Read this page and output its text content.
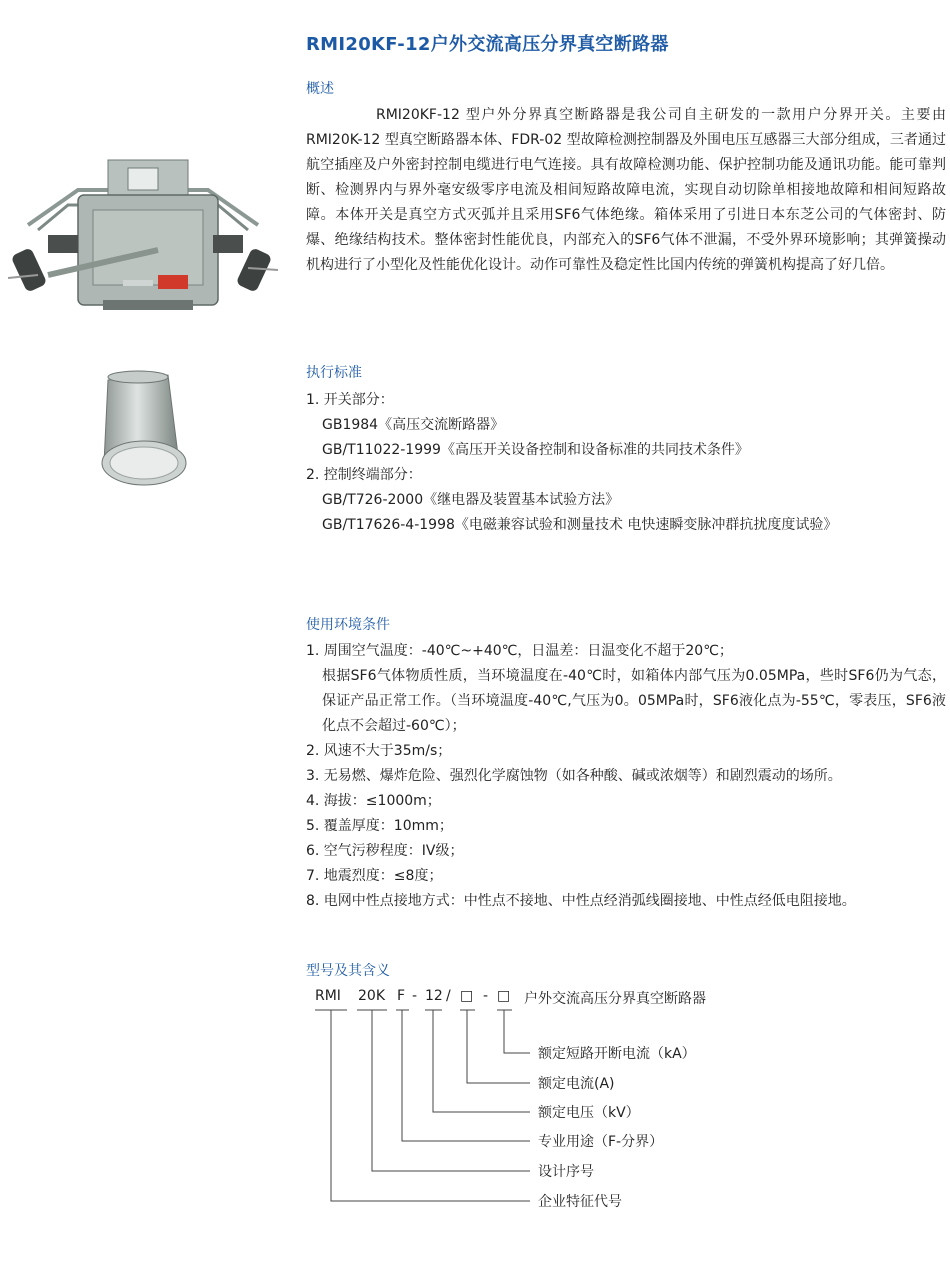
RMI20KF-12户外交流高压分界真空断路器
概述
RMI20KF-12 型户外分界真空断路器是我公司自主研发的一款用户分界开关。主要由RMI20K-12 型真空断路器本体、FDR-02 型故障检测控制器及外围电压互感器三大部分组成，三者通过航空插座及户外密封控制电缆进行电气连接。具有故障检测功能、保护控制功能及通讯功能。能可靠判断、检测界内与界外毫安级零序电流及相间短路故障电流，实现自动切除单相接地故障和相间短路故障。本体开关是真空方式灭弧并且采用SF6气体绝缘。箱体采用了引进日本东芝公司的气体密封、防爆、绝缘结构技术。整体密封性能优良，内部充入的SF6气体不泄漏，不受外界环境影响；其弹簧操动机构进行了小型化及性能优化设计。动作可靠性及稳定性比国内传统的弹簧机构提高了好几倍。
执行标准
1. 开关部分：
GB1984《高压交流断路器》
GB/T11022-1999《高压开关设备控制和设备标准的共同技术条件》
2. 控制终端部分：
GB/T726-2000《继电器及装置基本试验方法》
GB/T17626-4-1998《电磁兼容试验和测量技术 电快速瞬变脉冲群抗扰度度试验》
使用环境条件
1. 周围空气温度：-40℃~+40℃，日温差：日温变化不超于20℃；
根据SF6气体物质性质，当环境温度在-40℃时，如箱体内部气压为0.05MPa，些时SF6仍为气态，保证产品正常工作。（当环境温度-40℃,气压为0。05MPa时，SF6液化点为-55℃，零表压，SF6液化点不会超过-60℃）；
2. 风速不大于35m/s；
3. 无易燃、爆炸危险、强烈化学腐蚀物（如各种酸、碱或浓烟等）和剧烈震动的场所。
4. 海拔：≤1000m；
5. 覆盖厚度：10mm；
6. 空气污秽程度：IV级；
7. 地震烈度：≤8度；
8. 电网中性点接地方式：中性点不接地、中性点经消弧线圈接地、中性点经低电阻接地。
型号及其含义
RMI 20K F - 12 / □ - □ 户外交流高压分界真空断路器
额定短路开断电流（kA）
额定电流(A)
额定电压（kV）
专业用途（F-分界）
设计序号
企业特征代号
